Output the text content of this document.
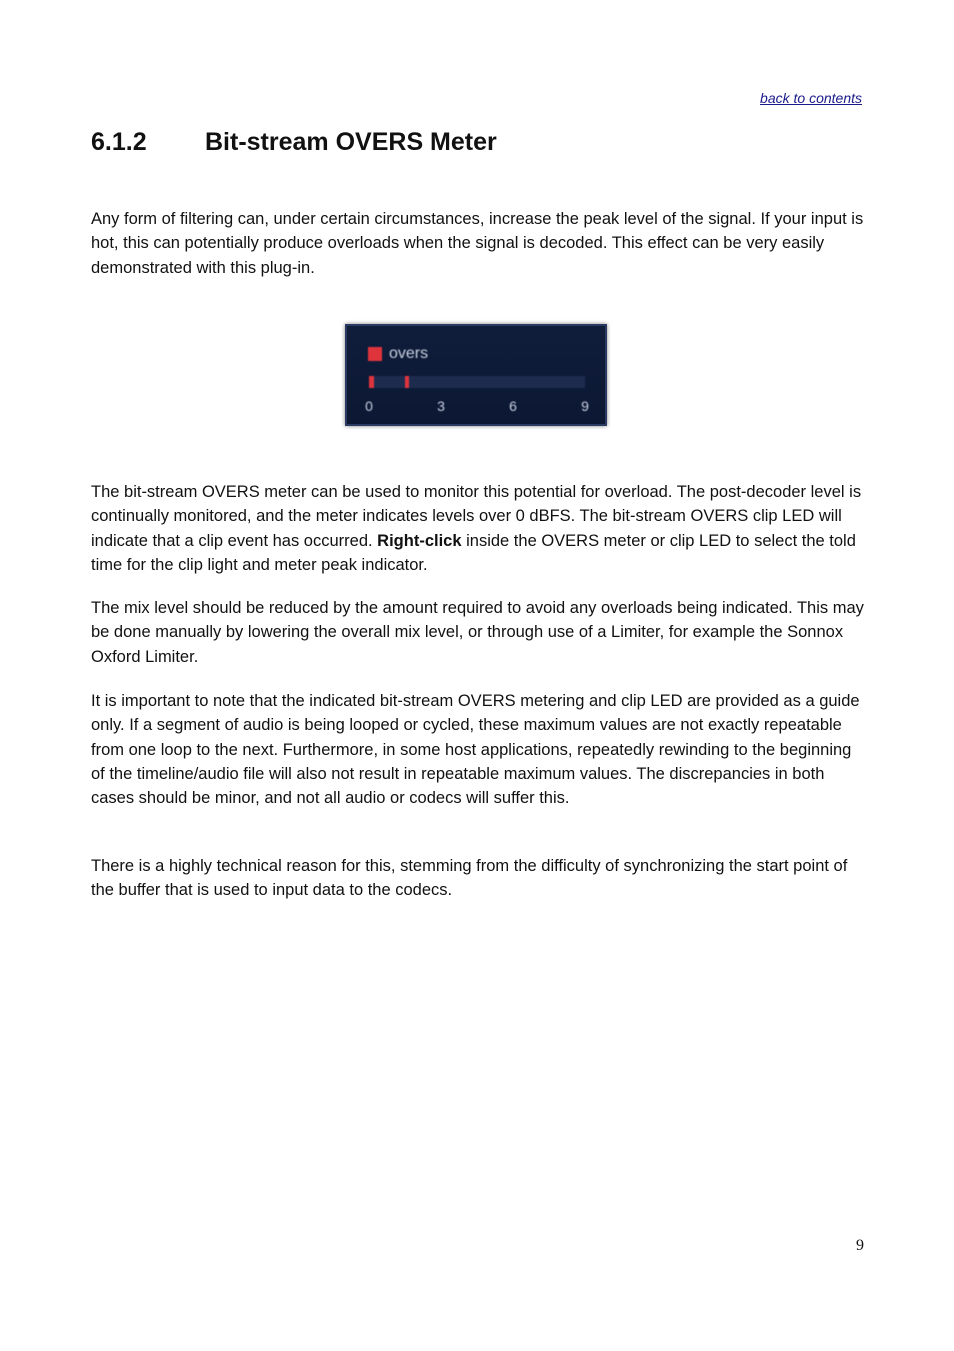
back to contents
6.1.2	Bit-stream OVERS Meter

Any form of filtering can, under certain circumstances, increase the peak level of the signal. If your input is hot, this can potentially produce overloads when the signal is decoded. This effect can be very easily demonstrated with this plug-in.

overs
0	3	6	9

The bit-stream OVERS meter can be used to monitor this potential for overload. The post-decoder level is continually monitored, and the meter indicates levels over 0 dBFS. The bit-stream OVERS clip LED will indicate that a clip event has occurred. Right-click inside the OVERS meter or clip LED to select the told time for the clip light and meter peak indicator.

The mix level should be reduced by the amount required to avoid any overloads being indicated. This may be done manually by lowering the overall mix level, or through use of a Limiter, for example the Sonnox Oxford Limiter.

It is important to note that the indicated bit-stream OVERS metering and clip LED are provided as a guide only. If a segment of audio is being looped or cycled, these maximum values are not exactly repeatable from one loop to the next. Furthermore, in some host applications, repeatedly rewinding to the beginning of the timeline/audio file will also not result in repeatable maximum values. The discrepancies in both cases should be minor, and not all audio or codecs will suffer this.

There is a highly technical reason for this, stemming from the difficulty of synchronizing the start point of the buffer that is used to input data to the codecs.

9
